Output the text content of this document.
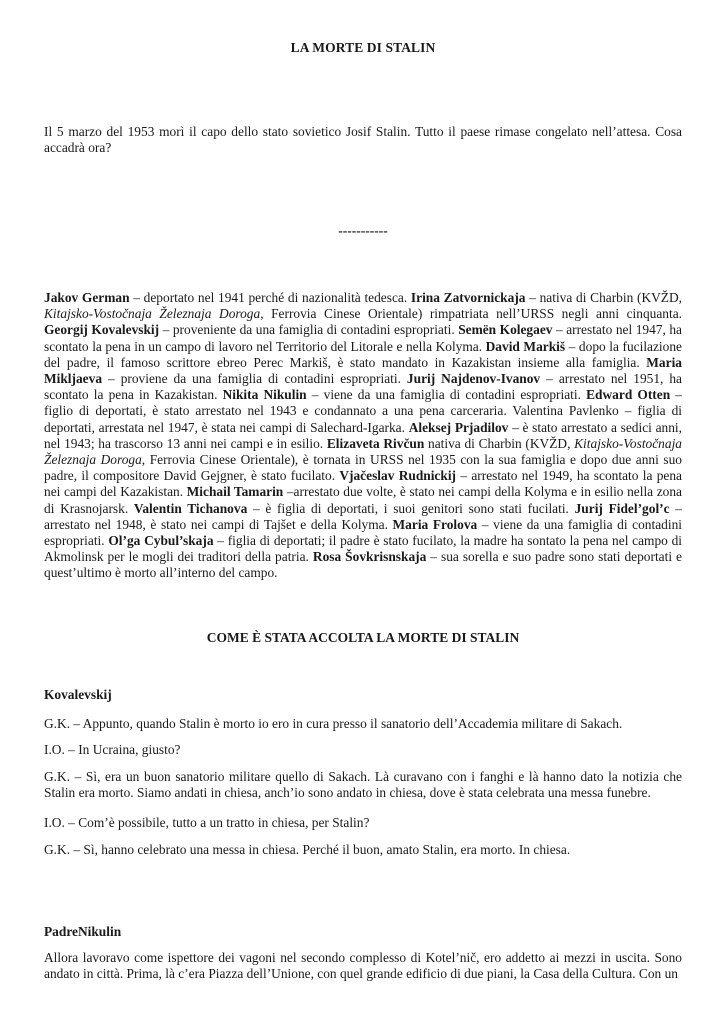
LA MORTE DI STALIN

Il 5 marzo del 1953 morì il capo dello stato sovietico Josif Stalin. Tutto il paese rimase congelato nell’attesa. Cosa accadrà ora?

-----------

Jakov German – deportato nel 1941 perché di nazionalità tedesca. Irina Zatvornickaja – nativa di Charbin (KVŽD, Kitajsko-Vostočnaja Železnaja Doroga, Ferrovia Cinese Orientale) rimpatriata nell’URSS negli anni cinquanta. Georgij Kovalevskij – proveniente da una famiglia di contadini espropriati. Semën Kolegaev – arrestato nel 1947, ha scontato la pena in un campo di lavoro nel Territorio del Litorale e nella Kolyma. David Markiš – dopo la fucilazione del padre, il famoso scrittore ebreo Perec Markiš, è stato mandato in Kazakistan insieme alla famiglia. Maria Mikljaeva – proviene da una famiglia di contadini espropriati. Jurij Najdenov-Ivanov – arrestato nel 1951, ha scontato la pena in Kazakistan. Nikita Nikulin – viene da una famiglia di contadini espropriati. Edward Otten – figlio di deportati, è stato arrestato nel 1943 e condannato a una pena carceraria. Valentina Pavlenko – figlia di deportati, arrestata nel 1947, è stata nei campi di Salechard-Igarka. Aleksej Prjadilov – è stato arrestato a sedici anni, nel 1943; ha trascorso 13 anni nei campi e in esilio. Elizaveta Rivčun nativa di Charbin (KVŽD, Kitajsko-Vostočnaja Železnaja Doroga, Ferrovia Cinese Orientale), è tornata in URSS nel 1935 con la sua famiglia e dopo due anni suo padre, il compositore David Gejgner, è stato fucilato. Vjačeslav Rudnickij – arrestato nel 1949, ha scontato la pena nei campi del Kazakistan. Michail Tamarin –arrestato due volte, è stato nei campi della Kolyma e in esilio nella zona di Krasnojarsk. Valentin Tichanova – è figlia di deportati, i suoi genitori sono stati fucilati. Jurij Fidel’gol’c – arrestato nel 1948, è stato nei campi di Tajšet e della Kolyma. Maria Frolova – viene da una famiglia di contadini espropriati. Ol’ga Cybul’skaja – figlia di deportati; il padre è stato fucilato, la madre ha sontato la pena nel campo di Akmolinsk per le mogli dei traditori della patria. Rosa Šovkrisnskaja – sua sorella e suo padre sono stati deportati e quest’ultimo è morto all’interno del campo.

COME È STATA ACCOLTA LA MORTE DI STALIN
Kovalevskij

G.K. – Appunto, quando Stalin è morto io ero in cura presso il sanatorio dell’Accademia militare di Sakach.

I.O. – In Ucraina, giusto?

G.K. – Sì, era un buon sanatorio militare quello di Sakach. Là curavano con i fanghi e là hanno dato la notizia che Stalin era morto. Siamo andati in chiesa, anch’io sono andato in chiesa, dove è stata celebrata una messa funebre.

I.O. – Com’è possibile, tutto a un tratto in chiesa, per Stalin?

G.K. – Sì, hanno celebrato una messa in chiesa. Perché il buon, amato Stalin, era morto. In chiesa.

PadreNikulin

Allora lavoravo come ispettore dei vagoni nel secondo complesso di Kotel’nič, ero addetto ai mezzi in uscita. Sono andato in città. Prima, là c’era Piazza dell’Unione, con quel grande edificio di due piani, la Casa della Cultura. Con un
